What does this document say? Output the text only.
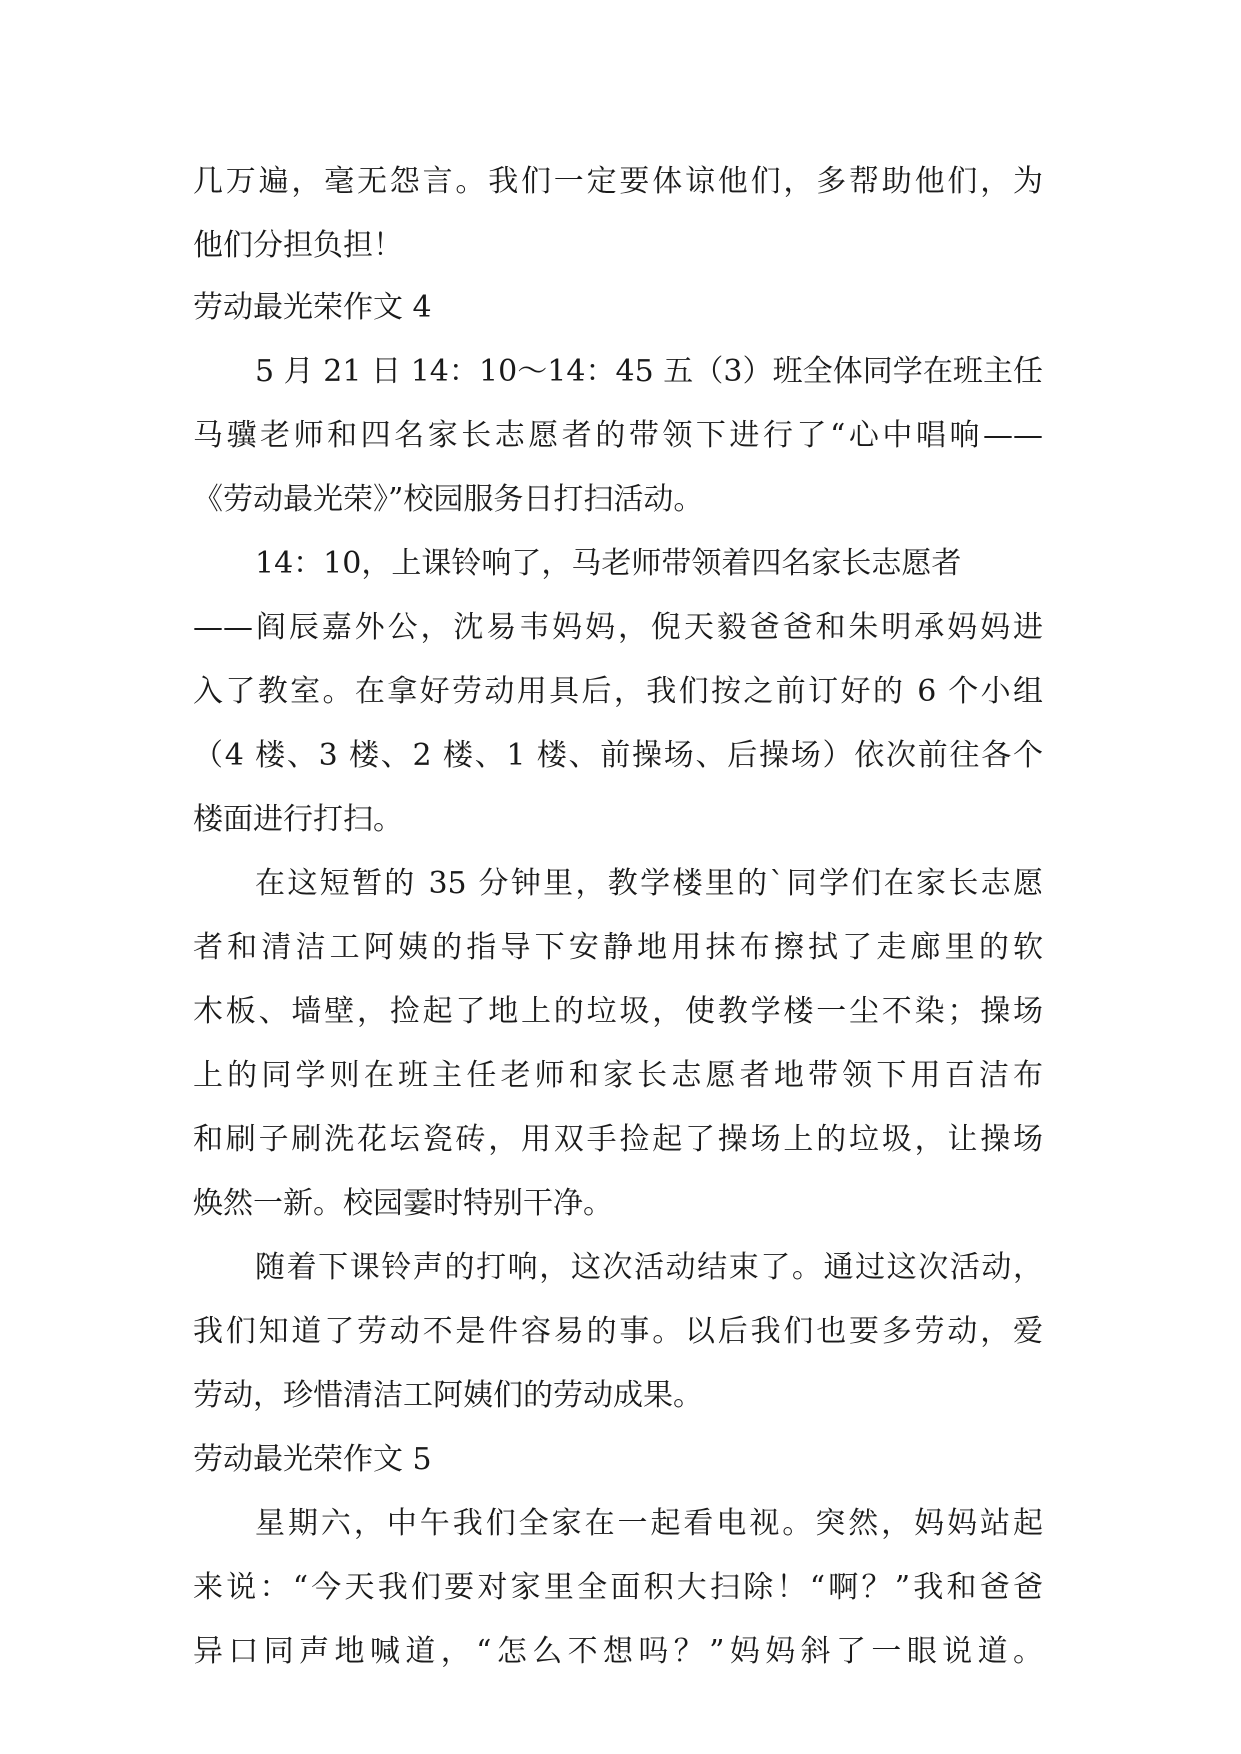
几万遍，毫无怨言。我们一定要体谅他们，多帮助他们，为
他们分担负担！
劳动最光荣作文 4
5 月 21 日 14：10～14：45 五（3）班全体同学在班主任
马骥老师和四名家长志愿者的带领下进行了“心中唱响——
《劳动最光荣》”校园服务日打扫活动。
14：10，上课铃响了，马老师带领着四名家长志愿者
——阎辰嘉外公，沈易韦妈妈，倪天毅爸爸和朱明承妈妈进
入了教室。在拿好劳动用具后，我们按之前订好的 6 个小组
（4 楼、3 楼、2 楼、1 楼、前操场、后操场）依次前往各个
楼面进行打扫。
在这短暂的 35 分钟里，教学楼里的`同学们在家长志愿
者和清洁工阿姨的指导下安静地用抹布擦拭了走廊里的软
木板、墙壁，捡起了地上的垃圾，使教学楼一尘不染；操场
上的同学则在班主任老师和家长志愿者地带领下用百洁布
和刷子刷洗花坛瓷砖，用双手捡起了操场上的垃圾，让操场
焕然一新。校园霎时特别干净。
随着下课铃声的打响，这次活动结束了。通过这次活动，
我们知道了劳动不是件容易的事。以后我们也要多劳动，爱
劳动，珍惜清洁工阿姨们的劳动成果。
劳动最光荣作文 5
星期六，中午我们全家在一起看电视。突然，妈妈站起
来说：“今天我们要对家里全面积大扫除！“啊？”我和爸爸
异口同声地喊道，“怎么不想吗？”妈妈斜了一眼说道。
